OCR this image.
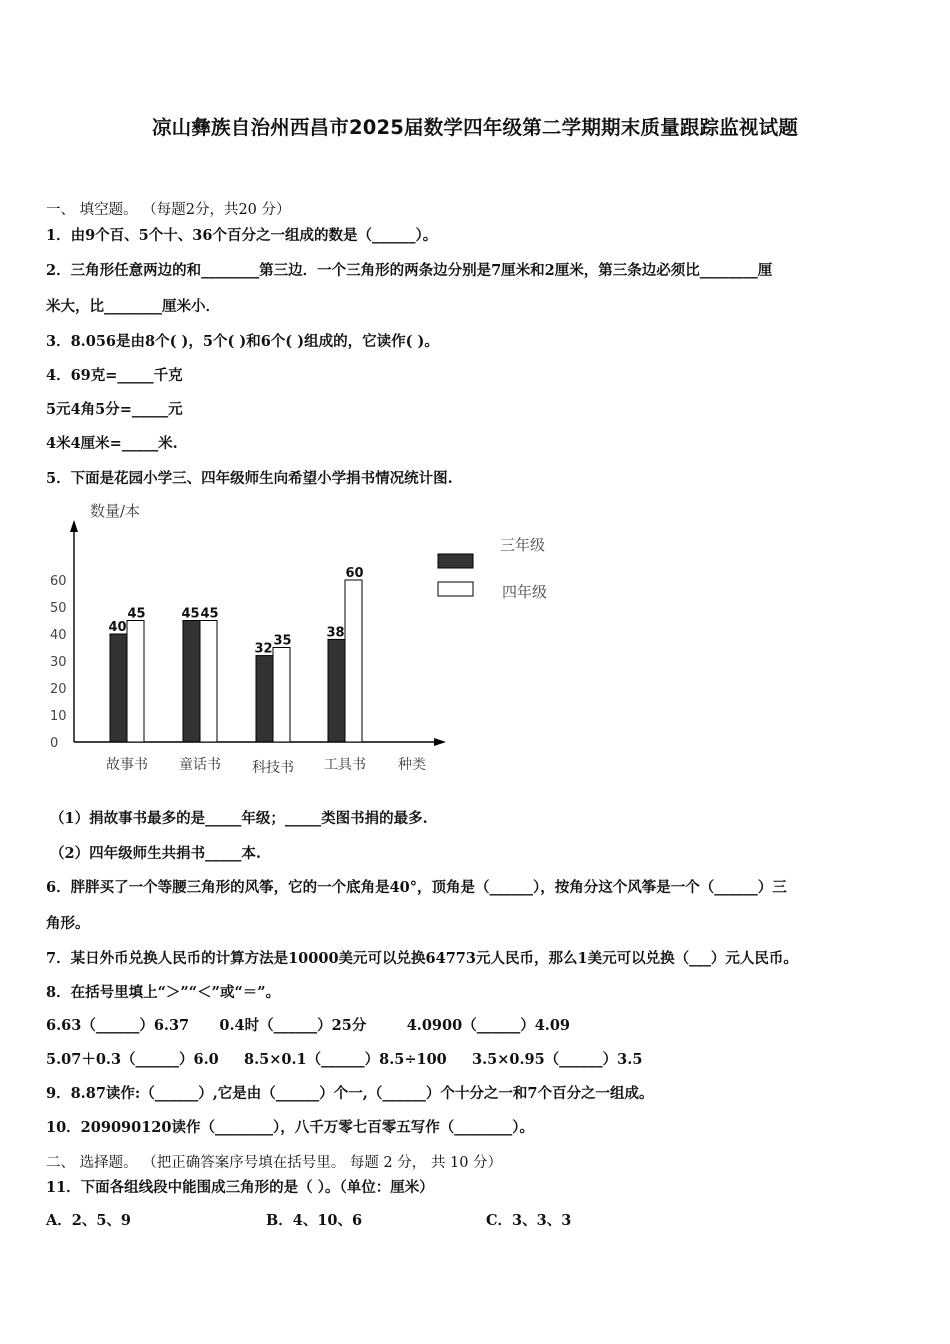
凉山彝族自治州西昌市2025届数学四年级第二学期期末质量跟踪监视试题
一、 填空题。 （每题2分，共20 分）
1．由9个百、5个十、36个百分之一组成的数是（______）。
2．三角形任意两边的和________第三边．一个三角形的两条边分别是7厘米和2厘米，第三条边必须比________厘
米大，比________厘米小．
3．8.056是由8个( )，5个( )和6个( )组成的，它读作( )。
4．69克=_____千克
5元4角5分=_____元
4米4厘米=_____米.
5．下面是花园小学三、四年级师生向希望小学捐书情况统计图.
数量/本
种类
0
10
20
30
40
50
60
40
45
故事书
45 45
童话书
32
35
科技书
38
60
工具书
三年级
四年级
（1）捐故事书最多的是_____年级；_____类图书捐的最多.
（2）四年级师生共捐书_____本.
6．胖胖买了一个等腰三角形的风筝，它的一个底角是40°，顶角是（______），按角分这个风筝是一个（______）三
角形。
7．某日外币兑换人民币的计算方法是10000美元可以兑换64773元人民币，那么1美元可以兑换（___）元人民币。
8．在括号里填上“＞”“＜”或“＝”。
6.63（______）6.37      0.4时（______）25分        4.0900（______）4.09
5.07＋0.3（______）6.0     8.5×0.1（______）8.5÷100     3.5×0.95（______）3.5
9．8.87读作:（______）,它是由（______）个一,（______）个十分之一和7个百分之一组成。
10．209090120读作（________），八千万零七百零五写作（________）。
二、 选择题。 （把正确答案序号填在括号里。 每题 2 分， 共 10 分）
11．下面各组线段中能围成三角形的是（ ）。（单位：厘米）
A．2、5、9	B．4、10、6	C．3、3、3
